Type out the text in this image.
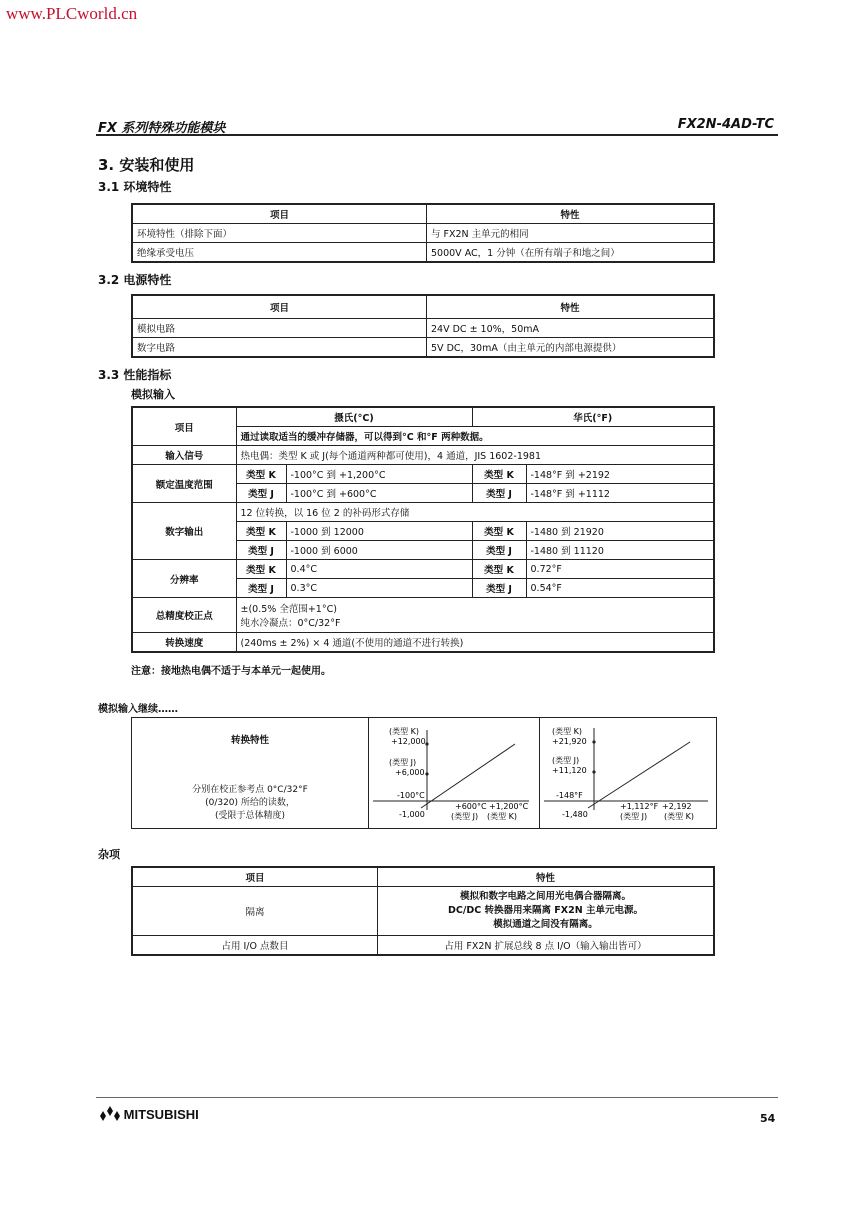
www.PLCworld.cn
FX 系列特殊功能模块	FX2N-4AD-TC
3. 安装和使用
3.1 环境特性
项目	特性
环境特性（排除下面）	与 FX2N 主单元的相同
绝缘承受电压	5000V AC，1 分钟（在所有端子和地之间）
3.2 电源特性
项目	特性
模拟电路	24V DC ± 10%，50mA
数字电路	5V DC，30mA（由主单元的内部电源提供）
3.3 性能指标
模拟输入
项目	摄氏(°C)		华氏(°F)	
	通过读取适当的缓冲存储器，可以得到°C 和°F 两种数据。			
输入信号	热电偶：类型 K 或 J(每个通道两种都可使用)，4 通道，JIS 1602-1981			
额定温度范围	类型 K	-100°C 到 +1,200°C	类型 K	-148°F 到 +2192
	类型 J	-100°C 到 +600°C	类型 J	-148°F 到 +1112
数字输出	12 位转换，以 16 位 2 的补码形式存储			
	类型 K	-1000 到 12000	类型 K	-1480 到 21920
	类型 J	-1000 到 6000	类型 J	-1480 到 11120
分辨率	类型 K	0.4°C	类型 K	0.72°F
	类型 J	0.3°C	类型 J	0.54°F
总精度校正点	±(0.5% 全范围+1°C)
纯水冷凝点：0°C/32°F			

转换速度	(240ms ± 2%) × 4 通道(不使用的通道不进行转换)			
注意：接地热电偶不适于与本单元一起使用。
模拟输入继续……
转换特性
分别在校正参考点 0°C/32°F
(0/320) 所给的读数，
(受限于总体精度)
(类型 K)
+12,000
(类型 J)
+6,000
-100°C
-1,000
+600°C +1,200°C
(类型 J) (类型 K)
(类型 K)
+21,920
(类型 J)
+11,120
-148°F
-1,480
+1,112°F +2,192
(类型 J) (类型 K)
杂项
项目	特性
隔离	模拟和数字电路之间用光电偶合器隔离。
DC/DC 转换器用来隔离 FX2N 主单元电源。
模拟通道之间没有隔离。

占用 I/O 点数目	占用 FX2N 扩展总线 8 点 I/O（输入输出皆可）
MITSUBISHI	54
